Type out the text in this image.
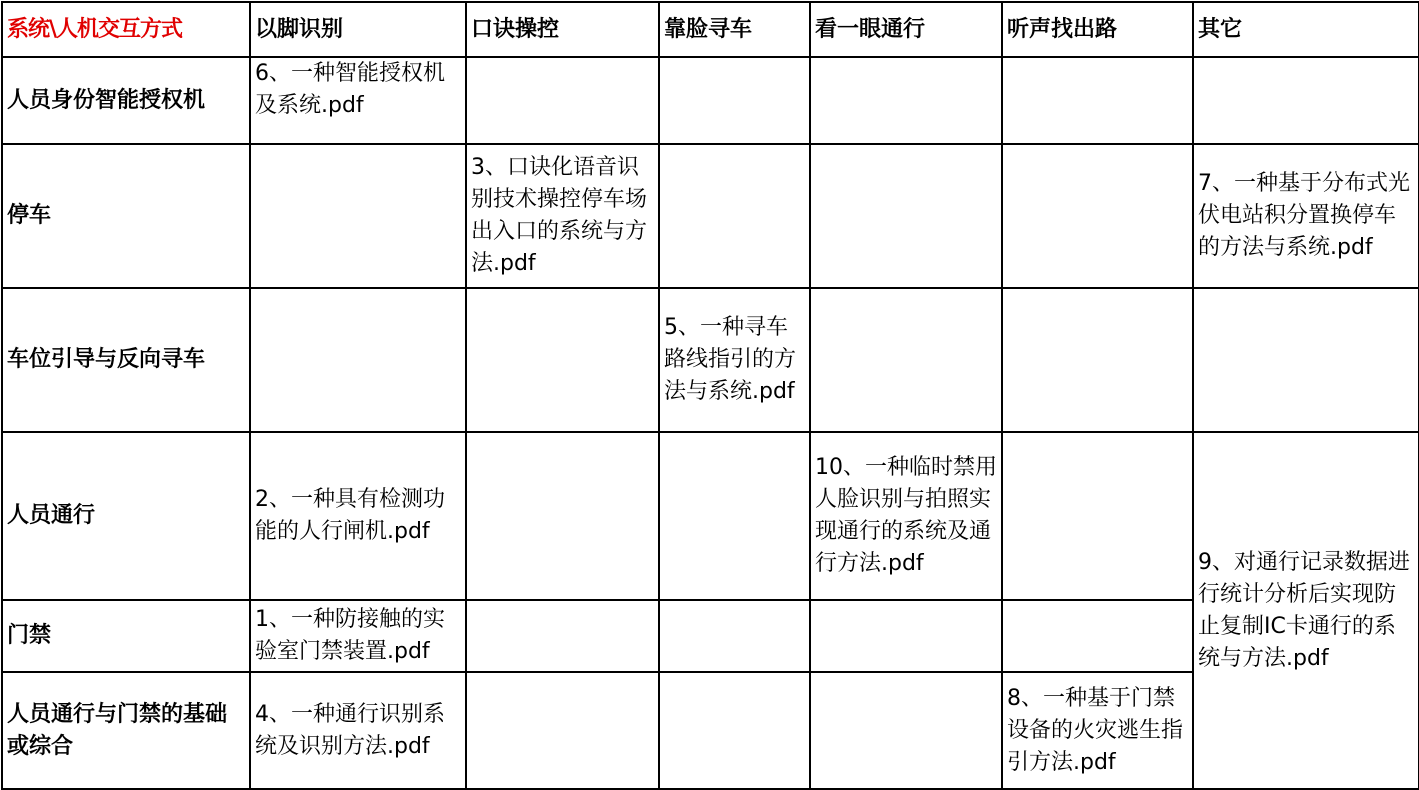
系统\人机交互方式	以脚识别	口诀操控	靠脸寻车	看一眼通行	听声找出路	其它
人员身份智能授权机	6、一种智能授权机及系统.pdf					
停车		3、口诀化语音识别技术操控停车场出入口的系统与方法.pdf				7、一种基于分布式光伏电站积分置换停车的方法与系统.pdf
车位引导与反向寻车			5、一种寻车路线指引的方法与系统.pdf			
人员通行	2、一种具有检测功能的人行闸机.pdf			10、一种临时禁用人脸识别与拍照实现通行的系统及通行方法.pdf		9、对通行记录数据进行统计分析后实现防止复制IC卡通行的系统与方法.pdf
门禁	1、一种防接触的实验室门禁装置.pdf					
人员通行与门禁的基础或综合	4、一种通行识别系统及识别方法.pdf				8、一种基于门禁设备的火灾逃生指引方法.pdf	
